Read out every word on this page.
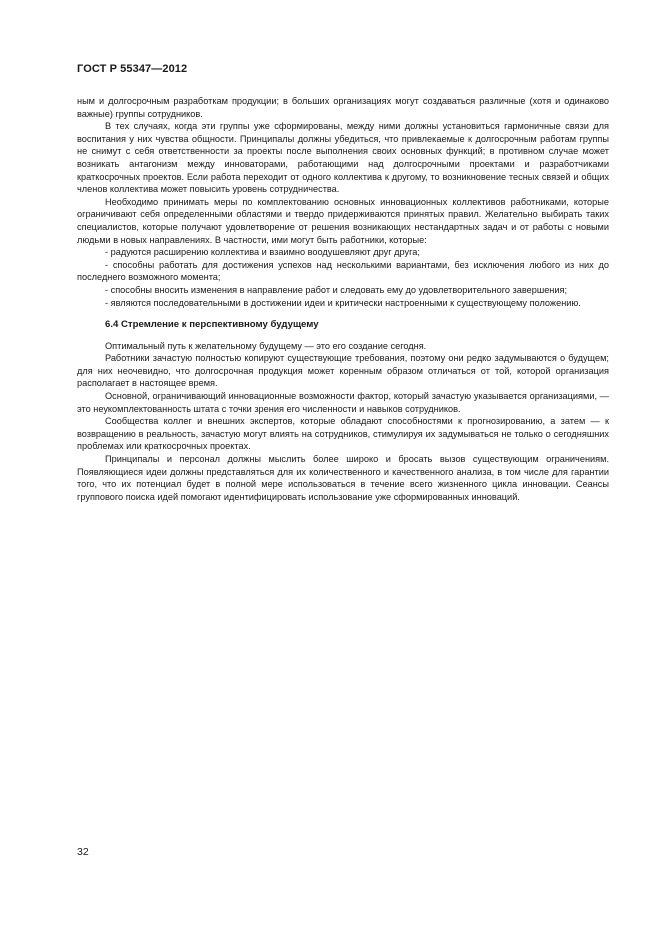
ГОСТ Р 55347—2012

ным и долгосрочным разработкам продукции; в больших организациях могут создаваться различные (хотя и одинаково важные) группы сотрудников.

В тех случаях, когда эти группы уже сформированы, между ними должны установиться гармоничные связи для воспитания у них чувства общности. Принципалы должны убедиться, что привлекаемые к долгосрочным работам группы не снимут с себя ответственности за проекты после выполнения своих основных функций; в противном случае может возникать антагонизм между инноваторами, работающими над долгосрочными проектами и разработчиками краткосрочных проектов. Если работа переходит от одного коллектива к другому, то возникновение тесных связей и общих членов коллектива может повысить уровень сотрудничества.

Необходимо принимать меры по комплектованию основных инновационных коллективов работниками, которые ограничивают себя определенными областями и твердо придерживаются принятых правил. Желательно выбирать таких специалистов, которые получают удовлетворение от решения возникающих нестандартных задач и от работы с новыми людьми в новых направлениях. В частности, ими могут быть работники, которые:

- радуются расширению коллектива и взаимно воодушевляют друг друга;

- способны работать для достижения успехов над несколькими вариантами, без исключения любого из них до последнего возможного момента;

- способны вносить изменения в направление работ и следовать ему до удовлетворительного завершения;

- являются последовательными в достижении идеи и критически настроенными к существующему положению.

6.4 Стремление к перспективному будущему

Оптимальный путь к желательному будущему — это его создание сегодня.

Работники зачастую полностью копируют существующие требования, поэтому они редко задумываются о будущем; для них неочевидно, что долгосрочная продукция может коренным образом отличаться от той, которой организация располагает в настоящее время.

Основной, ограничивающий инновационные возможности фактор, который зачастую указывается организациями, — это неукомплектованность штата с точки зрения его численности и навыков сотрудников.

Сообщества коллег и внешних экспертов, которые обладают способностями к прогнозированию, а затем — к возвращению в реальность, зачастую могут влиять на сотрудников, стимулируя их задумываться не только о сегодняшних проблемах или краткосрочных проектах.

Принципалы и персонал должны мыслить более широко и бросать вызов существующим ограничениям. Появляющиеся идеи должны представляться для их количественного и качественного анализа, в том числе для гарантии того, что их потенциал будет в полной мере использоваться в течение всего жизненного цикла инновации. Сеансы группового поиска идей помогают идентифицировать использование уже сформированных инноваций.

32
